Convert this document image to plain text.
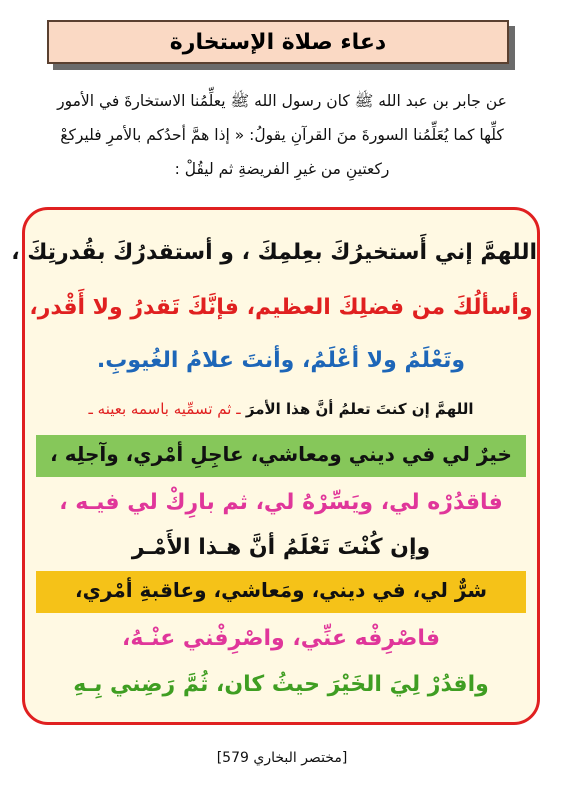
دعاء صلاة الإستخارة
عن جابر بن عبد الله ﷺ كان رسول الله ﷺ يعلِّمُنا الاستخارةَ في الأمور
كلِّها كما يُعَلِّمُنا السورةَ منَ القرآنِ يقولُ: « إذا همَّ أحدُكم بالأمرِ فليركعْ
ركعتينِ من غيرِ الفريضةِ ثم ليقُلْ :
اللهمَّ إني أَستخيرُكَ بعِلمِكَ ، و أستقدرُكَ بقُدرتِكَ ،
وأسألُكَ من فضلِكَ العظيم، فإنَّكَ تَقدرُ ولا أَقْدر،
وتَعْلَمُ ولا أعْلَمُ، وأنتَ علامُ الغُيوبِ.
اللهمَّ إن كنتَ تعلمُ أنَّ هذا الأمرَ ـ ثم تسمِّيه باسمه بعينه ـ
خيرٌ لي في ديني ومعاشي، عاجِلِ أمْري، وآجلِه ،
فاقدُرْه لي، ويَسِّرْهُ لي، ثم بارِكْ لي فيـه ،
وإن كُنْتَ تَعْلَمُ أنَّ هـذا الأَمْـر
شرٌّ لي، في ديني، ومَعاشي، وعاقبةِ أمْري،
فاصْرِفْه عنِّي، واصْرِفْني عنْـهُ،
واقدُرْ لِيَ الخَيْرَ حيثُ كان، ثُمَّ رَضِني بِـهِ
[مختصر البخاري 579]
